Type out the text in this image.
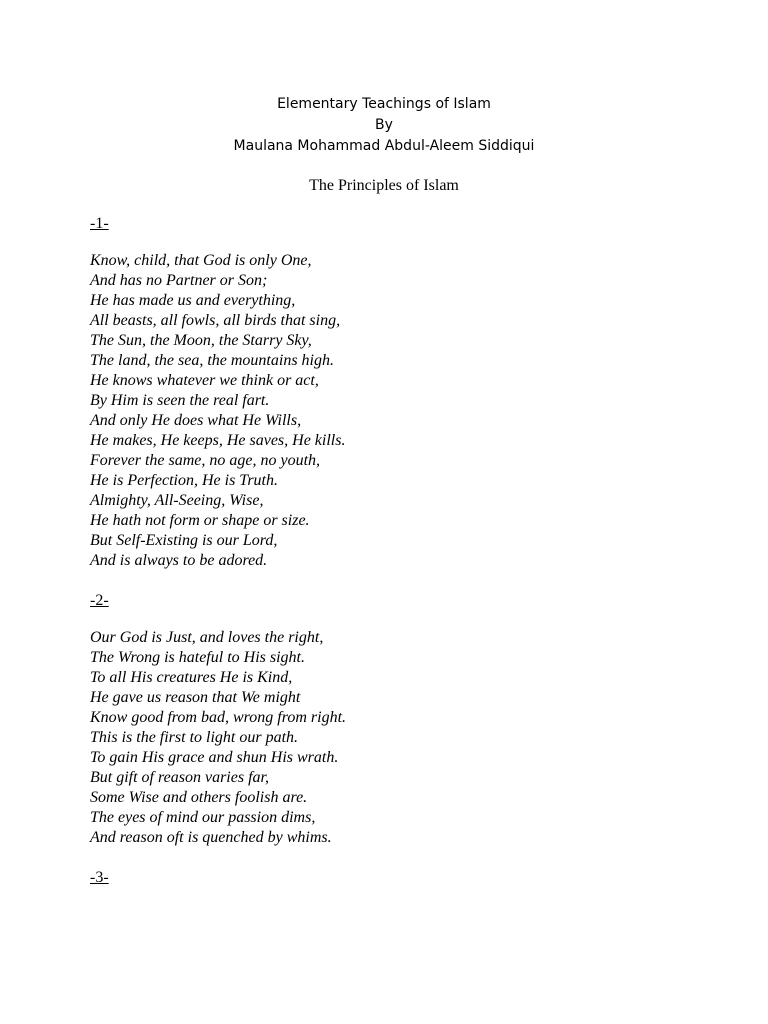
Elementary Teachings of Islam
By
Maulana Mohammad Abdul-Aleem Siddiqui
The Principles of Islam
-1-
Know, child, that God is only One,
And has no Partner or Son;
He has made us and everything,
All beasts, all fowls, all birds that sing,
The Sun, the Moon, the Starry Sky,
The land, the sea, the mountains high.
He knows whatever we think or act,
By Him is seen the real fart.
And only He does what He Wills,
He makes, He keeps, He saves, He kills.
Forever the same, no age, no youth,
He is Perfection, He is Truth.
Almighty, All-Seeing, Wise,
He hath not form or shape or size.
But Self-Existing is our Lord,
And is always to be adored.
-2-
Our God is Just, and loves the right,
The Wrong is hateful to His sight.
To all His creatures He is Kind,
He gave us reason that We might
Know good from bad, wrong from right.
This is the first to light our path.
To gain His grace and shun His wrath.
But gift of reason varies far,
Some Wise and others foolish are.
The eyes of mind our passion dims,
And reason oft is quenched by whims.
-3-
